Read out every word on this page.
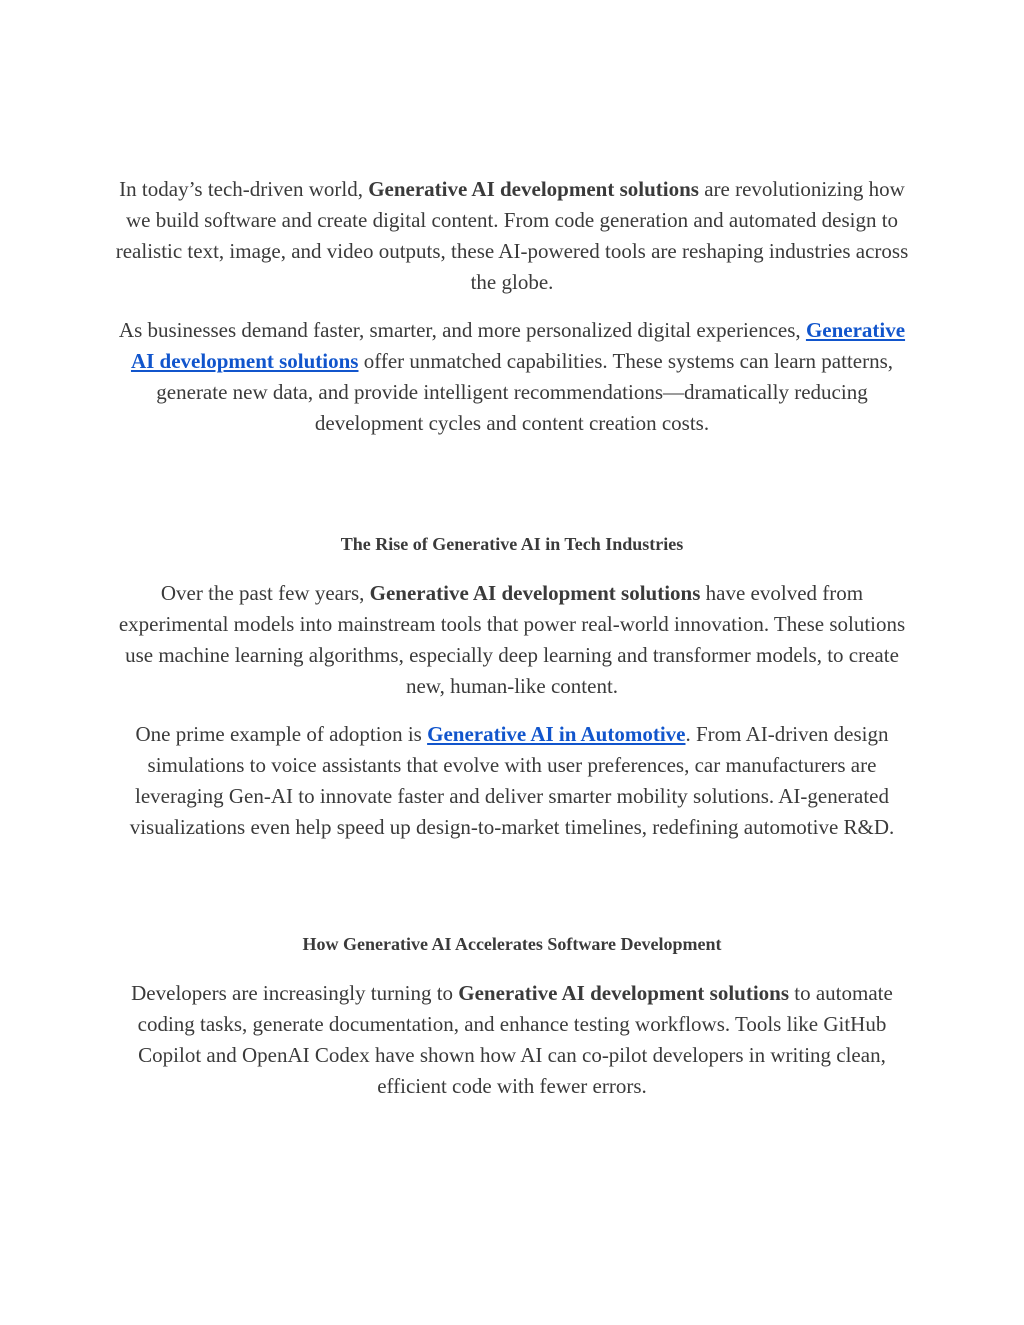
In today’s tech-driven world, Generative AI development solutions are revolutionizing how we build software and create digital content. From code generation and automated design to realistic text, image, and video outputs, these AI-powered tools are reshaping industries across the globe.

As businesses demand faster, smarter, and more personalized digital experiences, Generative AI development solutions offer unmatched capabilities. These systems can learn patterns, generate new data, and provide intelligent recommendations—dramatically reducing development cycles and content creation costs.

The Rise of Generative AI in Tech Industries

Over the past few years, Generative AI development solutions have evolved from experimental models into mainstream tools that power real-world innovation. These solutions use machine learning algorithms, especially deep learning and transformer models, to create new, human-like content.

One prime example of adoption is Generative AI in Automotive. From AI-driven design simulations to voice assistants that evolve with user preferences, car manufacturers are leveraging Gen-AI to innovate faster and deliver smarter mobility solutions. AI-generated visualizations even help speed up design-to-market timelines, redefining automotive R&D.

How Generative AI Accelerates Software Development

Developers are increasingly turning to Generative AI development solutions to automate coding tasks, generate documentation, and enhance testing workflows. Tools like GitHub Copilot and OpenAI Codex have shown how AI can co-pilot developers in writing clean, efficient code with fewer errors.
